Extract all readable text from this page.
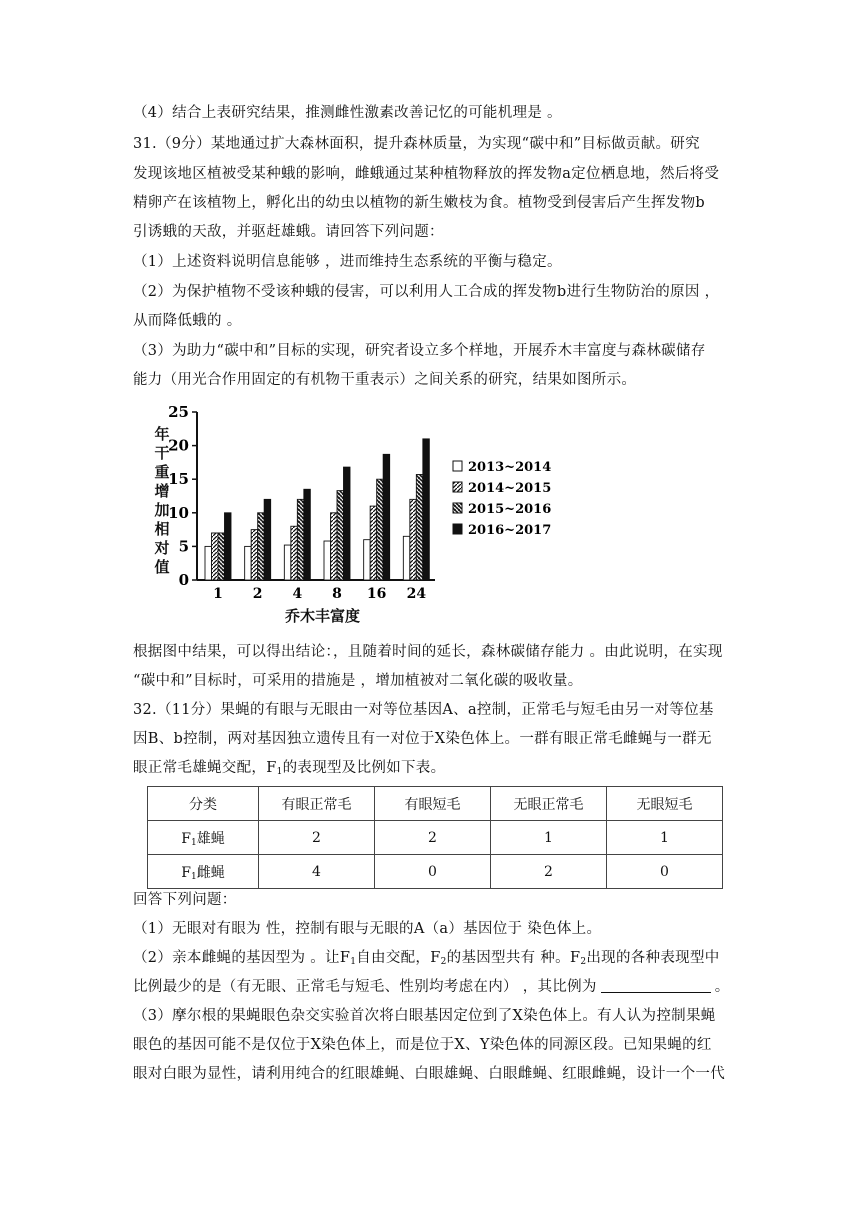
（4）结合上表研究结果，推测雌性激素改善记忆的可能机理是 。
31.（9分）某地通过扩大森林面积，提升森林质量，为实现“碳中和”目标做贡献。研究
发现该地区植被受某种蛾的影响，雌蛾通过某种植物释放的挥发物a定位栖息地，然后将受
精卵产在该植物上，孵化出的幼虫以植物的新生嫩枝为食。植物受到侵害后产生挥发物b
引诱蛾的天敌，并驱赶雄蛾。请回答下列问题：
（1）上述资料说明信息能够 ，进而维持生态系统的平衡与稳定。
（2）为保护植物不受该种蛾的侵害，可以利用人工合成的挥发物b进行生物防治的原因 ，
从而降低蛾的 。
（3）为助力“碳中和”目标的实现，研究者设立多个样地，开展乔木丰富度与森林碳储存
能力（用光合作用固定的有机物干重表示）之间关系的研究，结果如图所示。
年干重增加相对值
0
5
10
15
20
25
1 2 4 8 16 24
2013~2014
2014~2015
2015~2016
2016~2017
乔木丰富度
根据图中结果，可以得出结论：，且随着时间的延长，森林碳储存能力 。由此说明，在实现
“碳中和”目标时，可采用的措施是 ，增加植被对二氧化碳的吸收量。
32.（11分）果蝇的有眼与无眼由一对等位基因A、a控制，正常毛与短毛由另一对等位基
因B、b控制，两对基因独立遗传且有一对位于X染色体上。一群有眼正常毛雌蝇与一群无
眼正常毛雄蝇交配，$F_1$的表现型及比例如下表。
分类	有眼正常毛	有眼短毛	无眼正常毛	无眼短毛
$F_1$雄蝇	2	2	1	1
$F_1$雌蝇	4	0	2	0
回答下列问题：
（1）无眼对有眼为 性，控制有眼与无眼的A（a）基因位于 染色体上。
（2）亲本雌蝇的基因型为 。让$F_1$自由交配，$F_2$的基因型共有 种。$F_2$出现的各种表现型中
比例最少的是（有无眼、正常毛与短毛、性别均考虑在内） ，其比例为	。
（3）摩尔根的果蝇眼色杂交实验首次将白眼基因定位到了X染色体上。有人认为控制果蝇
眼色的基因可能不是仅位于X染色体上，而是位于X、Y染色体的同源区段。已知果蝇的红
眼对白眼为显性，请利用纯合的红眼雄蝇、白眼雄蝇、白眼雌蝇、红眼雌蝇，设计一个一代
